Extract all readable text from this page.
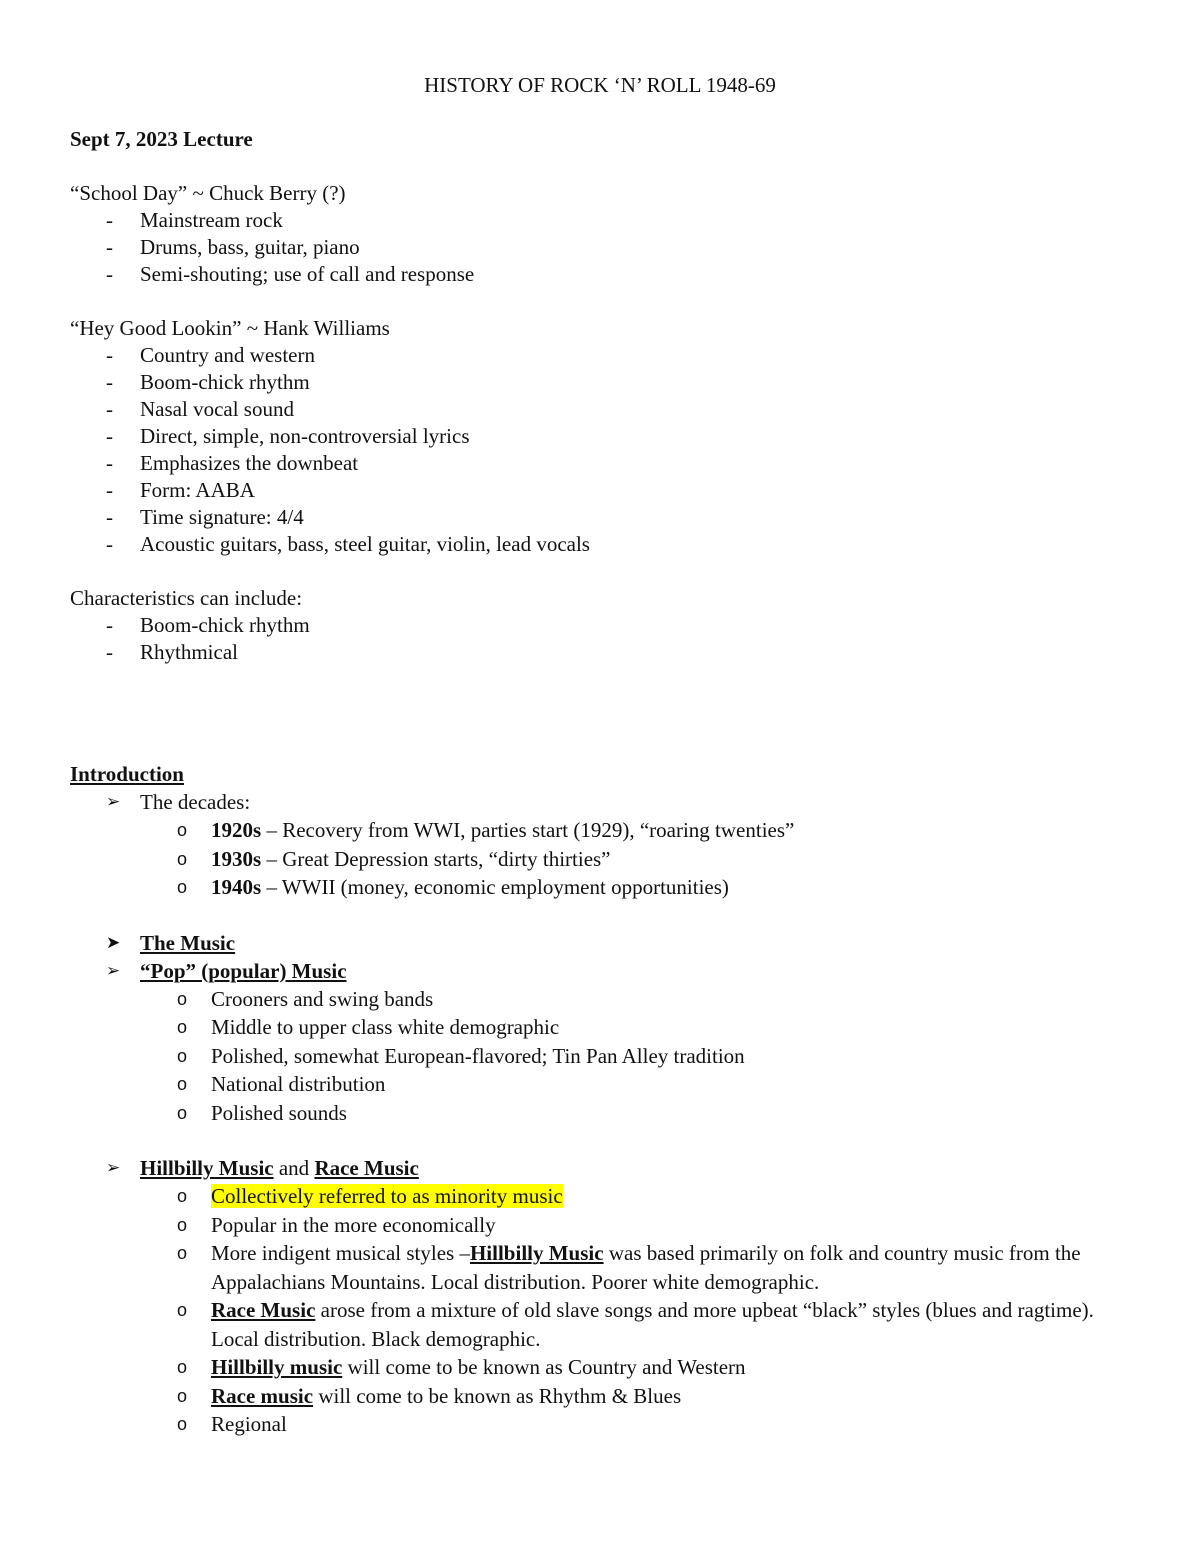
HISTORY OF ROCK ‘N’ ROLL 1948-69
Sept 7, 2023 Lecture
“School Day” ~ Chuck Berry (?)
- Mainstream rock
- Drums, bass, guitar, piano
- Semi-shouting; use of call and response
“Hey Good Lookin” ~ Hank Williams
- Country and western
- Boom-chick rhythm
- Nasal vocal sound
- Direct, simple, non-controversial lyrics
- Emphasizes the downbeat
- Form: AABA
- Time signature: 4/4
- Acoustic guitars, bass, steel guitar, violin, lead vocals
Characteristics can include:
- Boom-chick rhythm
- Rhythmical
Introduction
➢ The decades:
o 1920s – Recovery from WWI, parties start (1929), “roaring twenties”
o 1930s – Great Depression starts, “dirty thirties”
o 1940s – WWII (money, economic employment opportunities)
➤ The Music
➢ “Pop” (popular) Music
o Crooners and swing bands
o Middle to upper class white demographic
o Polished, somewhat European-flavored; Tin Pan Alley tradition
o National distribution
o Polished sounds
➢ Hillbilly Music and Race Music
o Collectively referred to as minority music
o Popular in the more economically
o More indigent musical styles –Hillbilly Music was based primarily on folk and country music from the Appalachians Mountains. Local distribution. Poorer white demographic.
o Race Music arose from a mixture of old slave songs and more upbeat “black” styles (blues and ragtime). Local distribution. Black demographic.
o Hillbilly music will come to be known as Country and Western
o Race music will come to be known as Rhythm & Blues
o Regional
